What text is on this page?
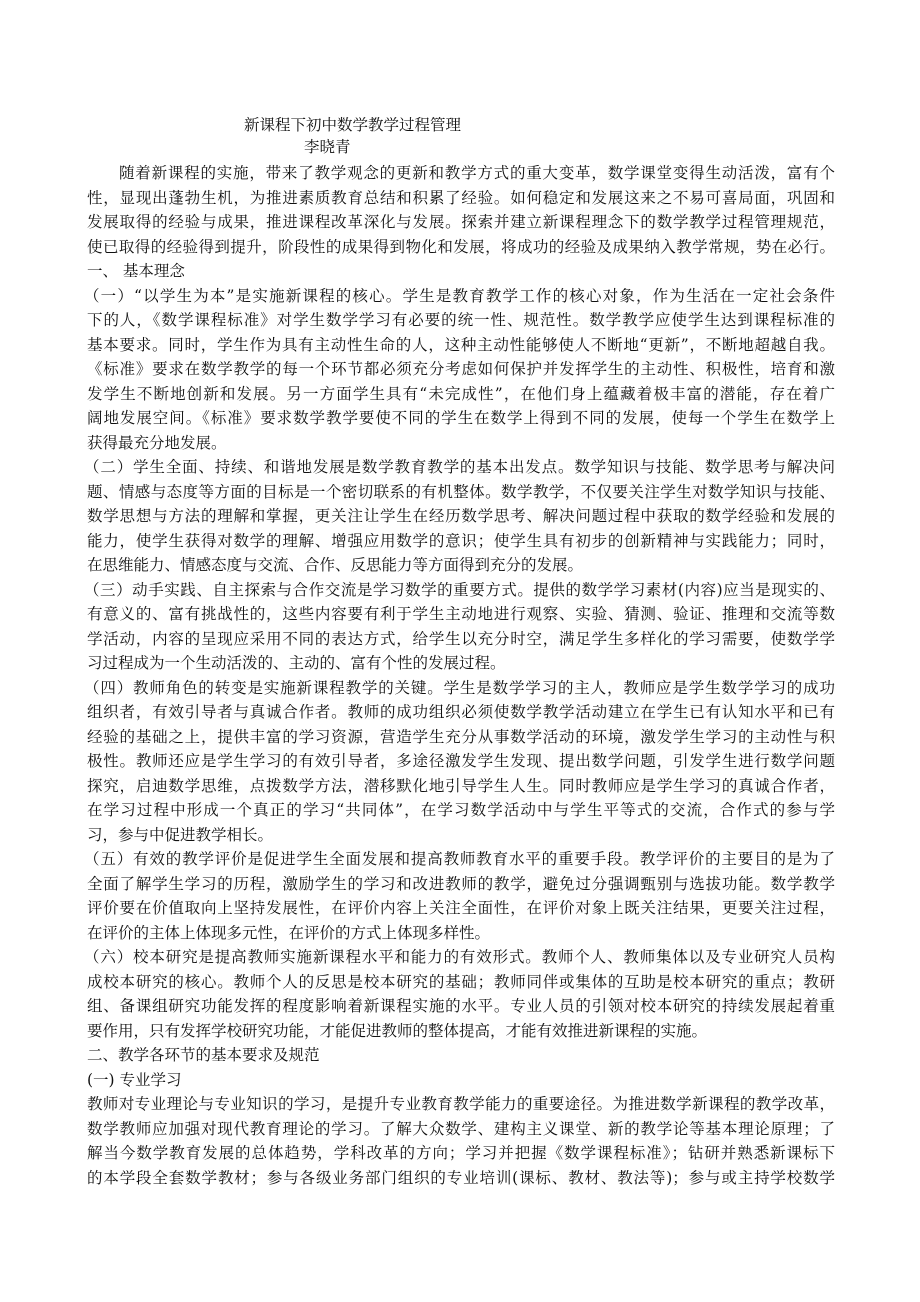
新课程下初中数学教学过程管理
李晓青
随着新课程的实施，带来了教学观念的更新和教学方式的重大变革，数学课堂变得生动活泼，富有个
性，显现出蓬勃生机，为推进素质教育总结和积累了经验。如何稳定和发展这来之不易可喜局面，巩固和
发展取得的经验与成果，推进课程改革深化与发展。探索并建立新课程理念下的数学教学过程管理规范，
使已取得的经验得到提升，阶段性的成果得到物化和发展，将成功的经验及成果纳入教学常规，势在必行。
一、 基本理念
（一）“以学生为本”是实施新课程的核心。学生是教育教学工作的核心对象，作为生活在一定社会条件
下的人，《数学课程标准》对学生数学学习有必要的统一性、规范性。数学教学应使学生达到课程标准的
基本要求。同时，学生作为具有主动性生命的人，这种主动性能够使人不断地“更新”，不断地超越自我。
《标准》要求在数学教学的每一个环节都必须充分考虑如何保护并发挥学生的主动性、积极性，培育和激
发学生不断地创新和发展。另一方面学生具有“未完成性”，在他们身上蕴藏着极丰富的潜能，存在着广
阔地发展空间。《标准》要求数学教学要使不同的学生在数学上得到不同的发展，使每一个学生在数学上
获得最充分地发展。
（二）学生全面、持续、和谐地发展是数学教育教学的基本出发点。数学知识与技能、数学思考与解决问
题、情感与态度等方面的目标是一个密切联系的有机整体。数学教学，不仅要关注学生对数学知识与技能、
数学思想与方法的理解和掌握，更关注让学生在经历数学思考、解决问题过程中获取的数学经验和发展的
能力，使学生获得对数学的理解、增强应用数学的意识；使学生具有初步的创新精神与实践能力；同时，
在思维能力、情感态度与交流、合作、反思能力等方面得到充分的发展。
（三）动手实践、自主探索与合作交流是学习数学的重要方式。提供的数学学习素材(内容)应当是现实的、
有意义的、富有挑战性的，这些内容要有利于学生主动地进行观察、实验、猜测、验证、推理和交流等数
学活动，内容的呈现应采用不同的表达方式，给学生以充分时空，满足学生多样化的学习需要，使数学学
习过程成为一个生动活泼的、主动的、富有个性的发展过程。
（四）教师角色的转变是实施新课程教学的关键。学生是数学学习的主人，教师应是学生数学学习的成功
组织者，有效引导者与真诚合作者。教师的成功组织必须使数学教学活动建立在学生已有认知水平和已有
经验的基础之上，提供丰富的学习资源，营造学生充分从事数学活动的环境，激发学生学习的主动性与积
极性。教师还应是学生学习的有效引导者，多途径激发学生发现、提出数学问题，引发学生进行数学问题
探究，启迪数学思维，点拨数学方法，潜移默化地引导学生人生。同时教师应是学生学习的真诚合作者，
在学习过程中形成一个真正的学习“共同体”，在学习数学活动中与学生平等式的交流，合作式的参与学
习，参与中促进教学相长。
（五）有效的教学评价是促进学生全面发展和提高教师教育水平的重要手段。教学评价的主要目的是为了
全面了解学生学习的历程，激励学生的学习和改进教师的教学，避免过分强调甄别与选拔功能。数学教学
评价要在价值取向上坚持发展性，在评价内容上关注全面性，在评价对象上既关注结果，更要关注过程，
在评价的主体上体现多元性，在评价的方式上体现多样性。
（六）校本研究是提高教师实施新课程水平和能力的有效形式。教师个人、教师集体以及专业研究人员构
成校本研究的核心。教师个人的反思是校本研究的基础；教师同伴或集体的互助是校本研究的重点；教研
组、备课组研究功能发挥的程度影响着新课程实施的水平。专业人员的引领对校本研究的持续发展起着重
要作用，只有发挥学校研究功能，才能促进教师的整体提高，才能有效推进新课程的实施。
二、教学各环节的基本要求及规范
(一) 专业学习
教师对专业理论与专业知识的学习，是提升专业教育教学能力的重要途径。为推进数学新课程的教学改革，
数学教师应加强对现代教育理论的学习。了解大众数学、建构主义课堂、新的教学论等基本理论原理；了
解当今数学教育发展的总体趋势，学科改革的方向；学习并把握《数学课程标准》；钻研并熟悉新课标下
的本学段全套数学教材；参与各级业务部门组织的专业培训(课标、教材、教法等)；参与或主持学校数学
